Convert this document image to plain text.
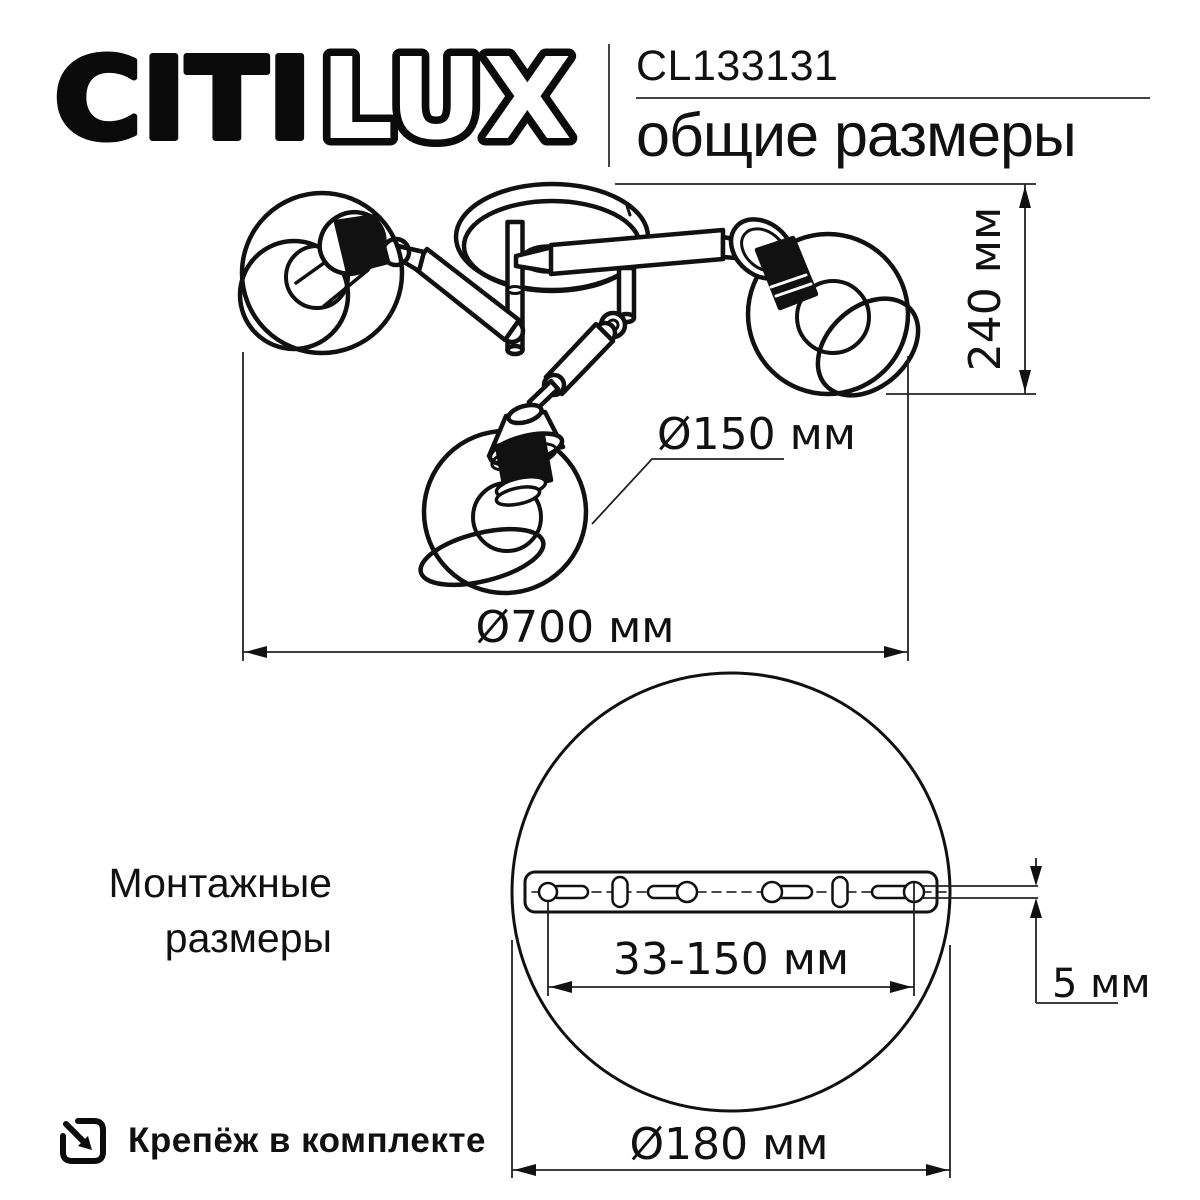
CITI LUX CL133131
общие размеры
Монтажные
размеры
240 мм
Ø150 мм
Ø700 мм
33-150 мм	5 мм
Ø180 мм
Крепёж в комплекте
